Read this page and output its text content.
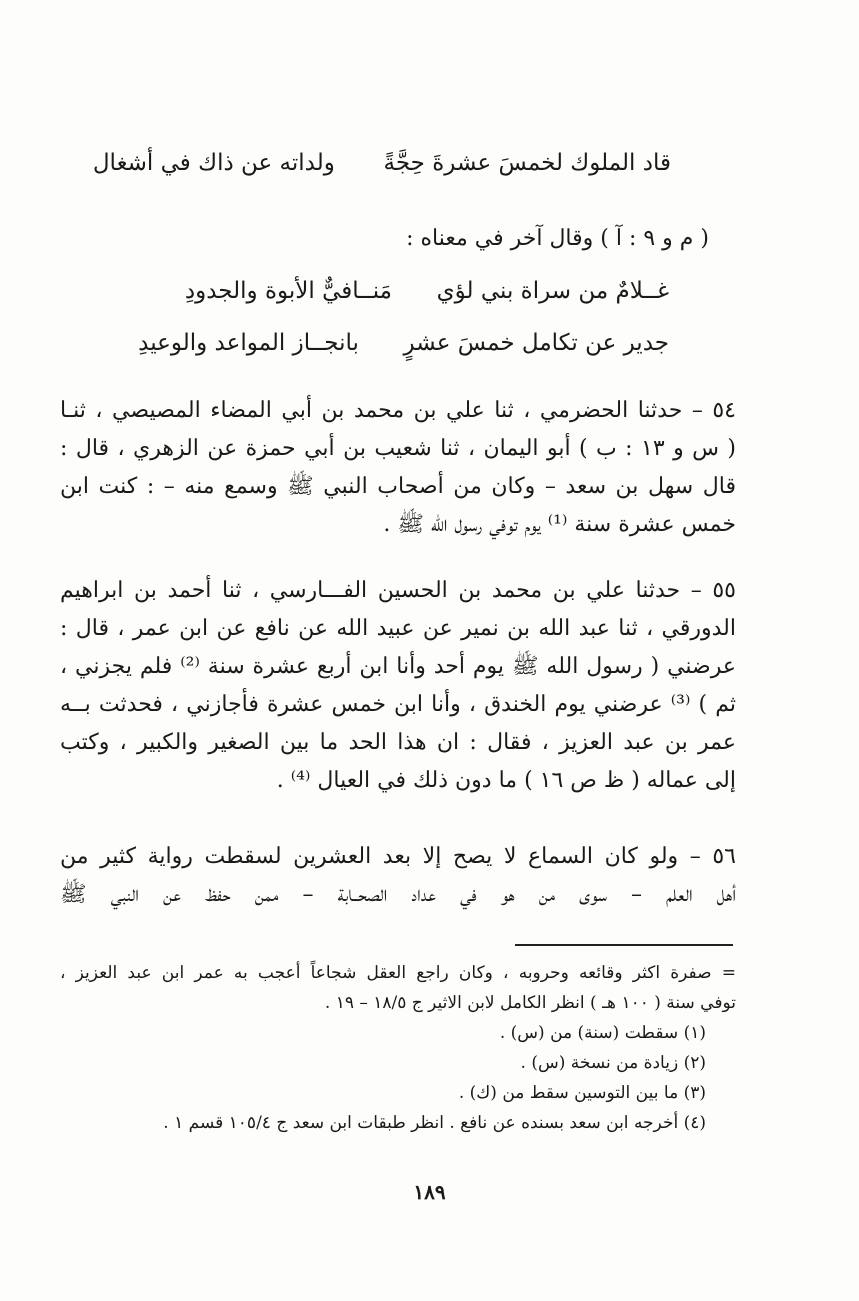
قاد الملوك لخمسَ عشرةَ حِجَّةً  ولداته عن ذاك في أشغال
( م و ٩ : آ ) وقال آخر في معناه :
غــلامٌ من سراة بني لؤي  مَنــافيٌّ الأبوة والجدودِ
جدير عن تكامل خمسَ عشرٍ  بانجــاز المواعد والوعيدِ
٥٤ – حدثنا الحضرمي ، ثنا علي بن محمد بن أبي المضاء المصيصي ، ثنـا
( س و ١٣ : ب ) أبو اليمان ، ثنا شعيب بن أبي حمزة عن الزهري ، قال :
قال سهل بن سعد – وكان من أصحاب النبي ﷺ وسمع منه – : كنت ابن
خمس عشرة سنة ⁽¹⁾ يوم توفي رسول الله ﷺ .
٥٥ – حدثنا علي بن محمد بن الحسين الفـــارسي ، ثنا أحمد بن ابراهيم
الدورقي ، ثنا عبد الله بن نمير عن عبيد الله عن نافع عن ابن عمر ، قال :
عرضني ( رسول الله ﷺ يوم أحد وأنا ابن أربع عشرة سنة ⁽²⁾ فلم يجزني ،
ثم ) ⁽³⁾ عرضني يوم الخندق ، وأنا ابن خمس عشرة فأجازني ، فحدثت بــه
عمر بن عبد العزيز ، فقال : ان هذا الحد ما بين الصغير والكبير ، وكتب
إلى عماله ( ظ ص ١٦ ) ما دون ذلك في العيال ⁽⁴⁾ .
٥٦ – ولو كان السماع لا يصح إلا بعد العشرين لسقطت رواية كثير من
أهل العلم – سوى من هو في عداد الصحــابة – ممن حفظ عن النبي ﷺ
= صفرة اكثر وقائعه وحروبه ، وكان راجع العقل شجاعاً أعجب به عمر ابن عبد العزيز ،
توفي سنة ( ١٠٠ هـ ) انظر الكامل لابن الاثير ج ١٨/٥ – ١٩ .
(١) سقطت (سنة) من (س) .
(٢) زيادة من نسخة (س) .
(٣) ما بين التوسين سقط من (ك) .
(٤) أخرجه ابن سعد بسنده عن نافع . انظر طبقات ابن سعد ج ١٠٥/٤ قسم ١ .
١٨٩
